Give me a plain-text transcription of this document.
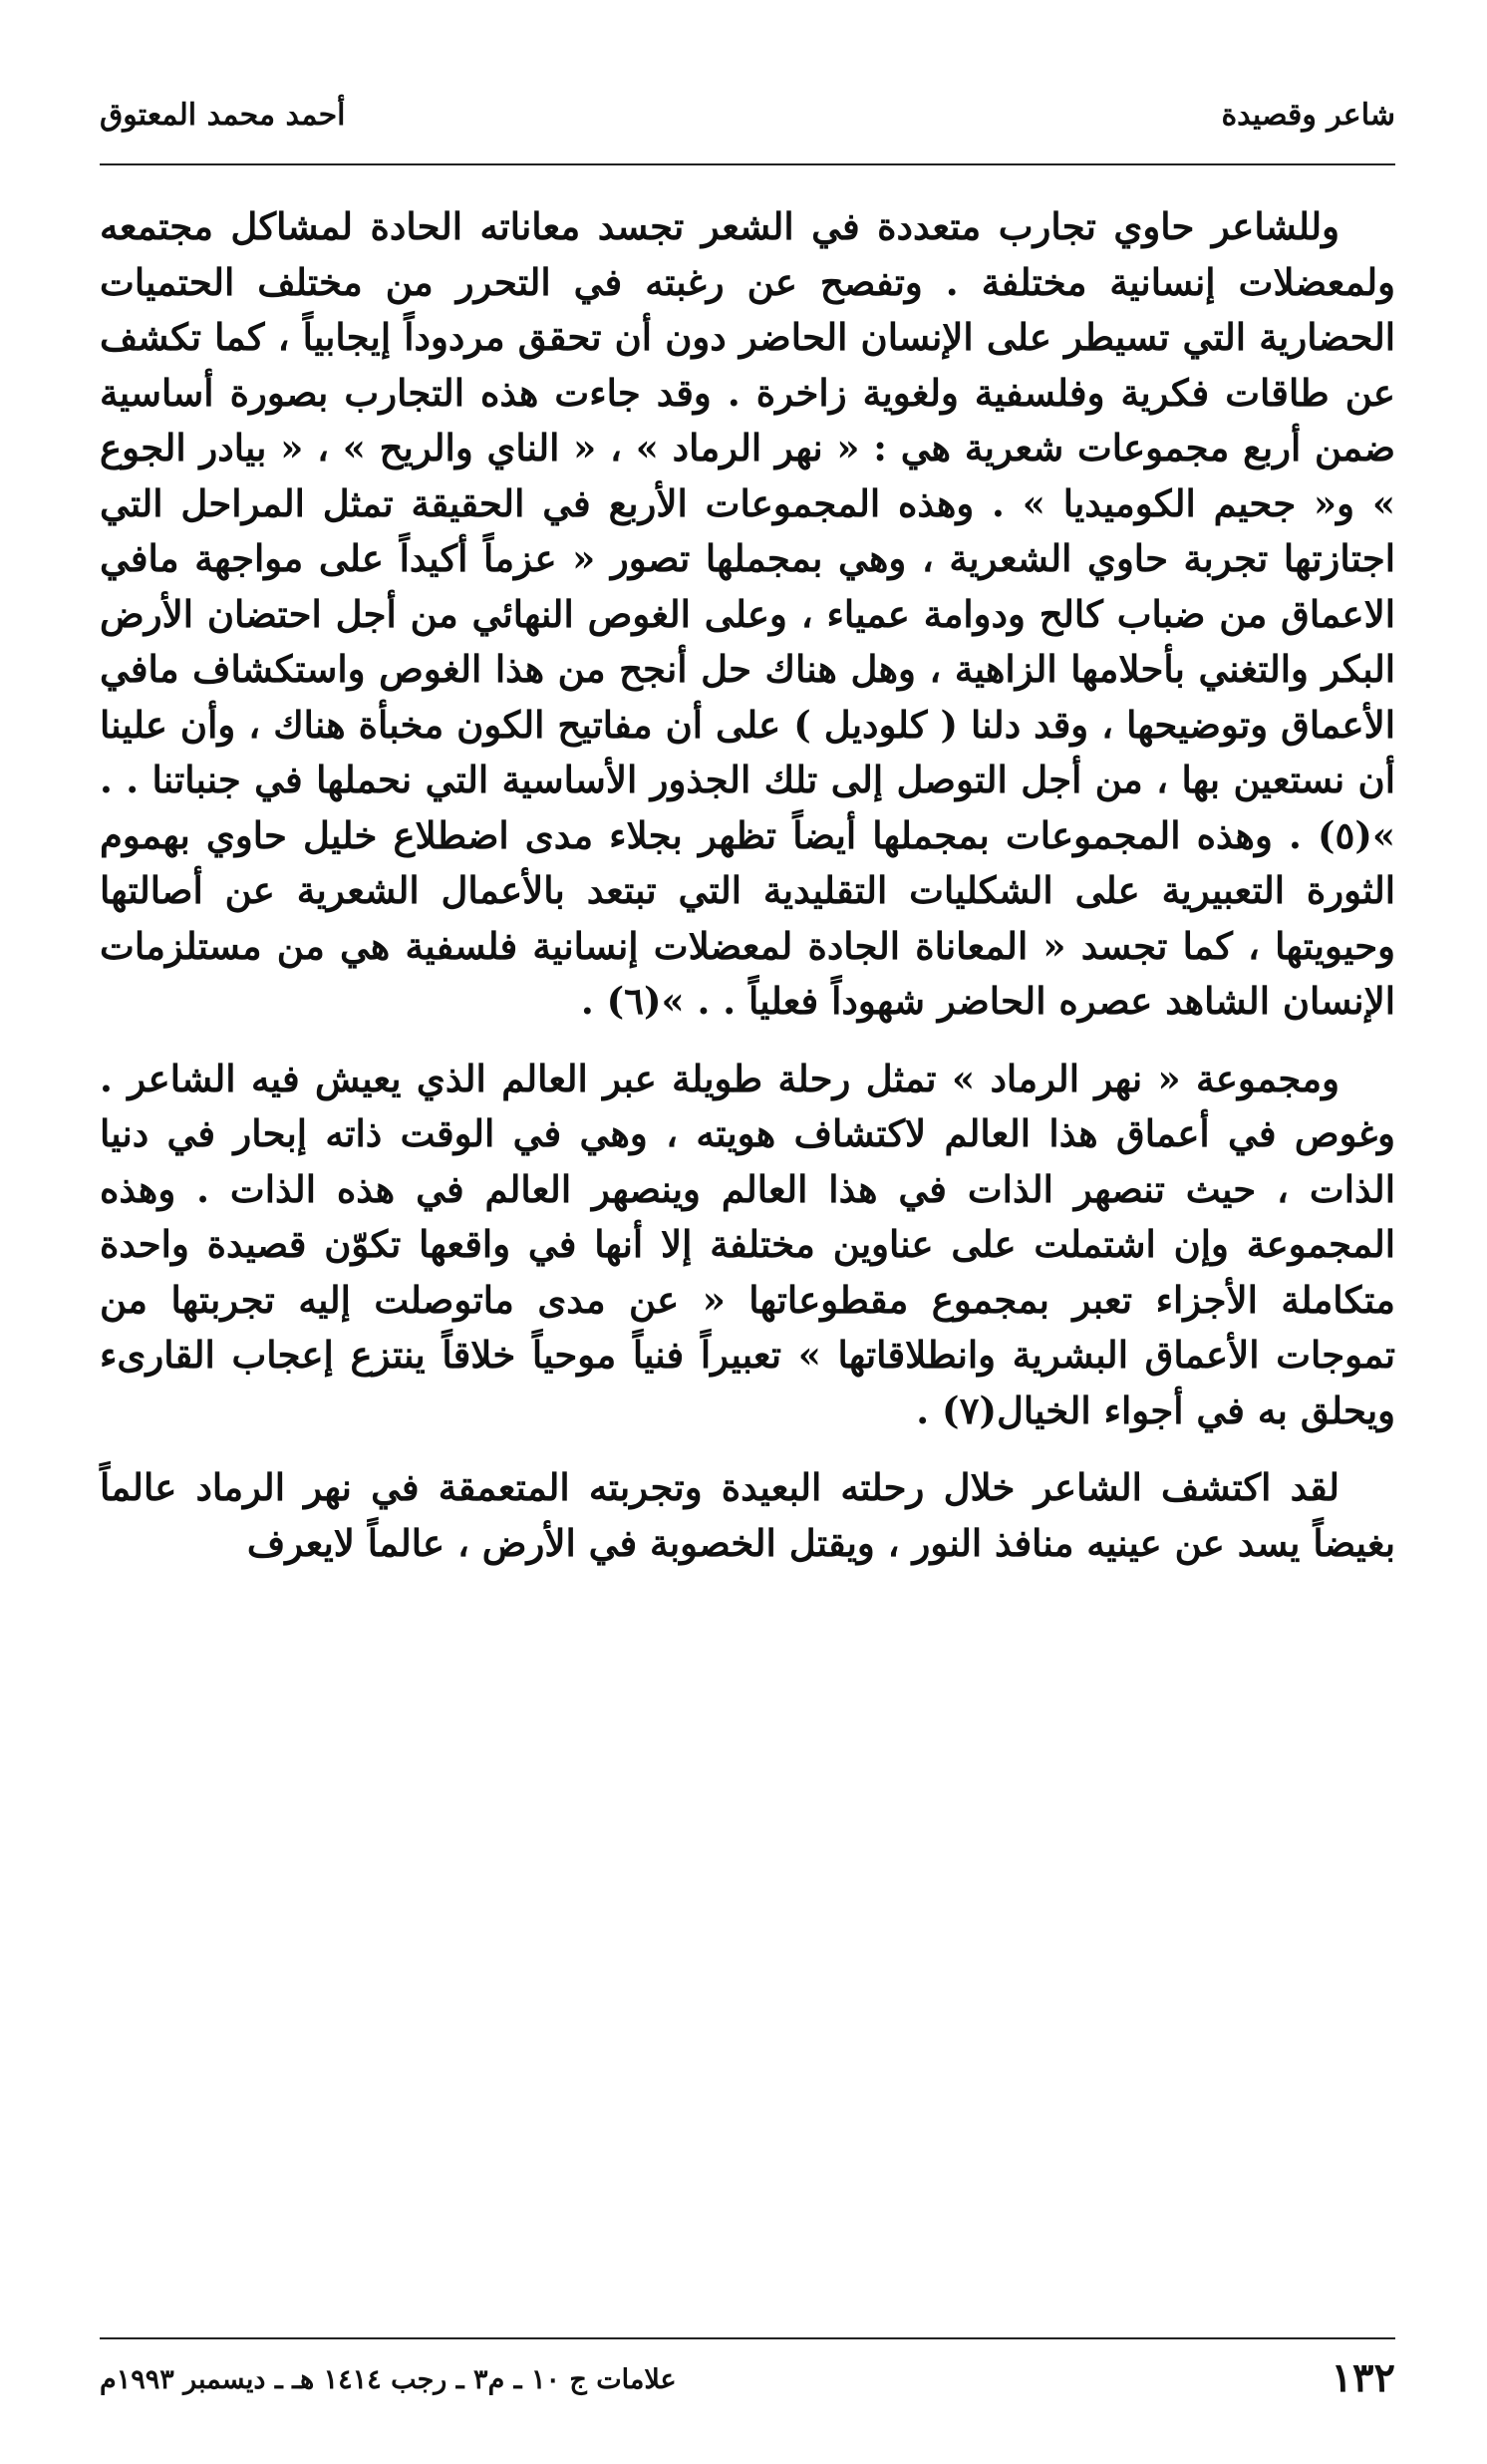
شاعر وقصيدة
أحمد محمد المعتوق

وللشاعر حاوي تجارب متعددة في الشعر تجسد معاناته الحادة لمشاكل مجتمعه ولمعضلات إنسانية مختلفة . وتفصح عن رغبته في التحرر من مختلف الحتميات الحضارية التي تسيطر على الإنسان الحاضر دون أن تحقق مردوداً إيجابياً ، كما تكشف عن طاقات فكرية وفلسفية ولغوية زاخرة . وقد جاءت هذه التجارب بصورة أساسية ضمن أربع مجموعات شعرية هي : « نهر الرماد » ، « الناي والريح » ، « بيادر الجوع » و« جحيم الكوميديا » . وهذه المجموعات الأربع في الحقيقة تمثل المراحل التي اجتازتها تجربة حاوي الشعرية ، وهي بمجملها تصور « عزماً أكيداً على مواجهة مافي الاعماق من ضباب كالح ودوامة عمياء ، وعلى الغوص النهائي من أجل احتضان الأرض البكر والتغني بأحلامها الزاهية ، وهل هناك حل أنجح من هذا الغوص واستكشاف مافي الأعماق وتوضيحها ، وقد دلنا ( كلوديل ) على أن مفاتيح الكون مخبأة هناك ، وأن علينا أن نستعين بها ، من أجل التوصل إلى تلك الجذور الأساسية التي نحملها في جنباتنا . . »(٥) . وهذه المجموعات بمجملها أيضاً تظهر بجلاء مدى اضطلاع خليل حاوي بهموم الثورة التعبيرية على الشكليات التقليدية التي تبتعد بالأعمال الشعرية عن أصالتها وحيويتها ، كما تجسد « المعاناة الجادة لمعضلات إنسانية فلسفية هي من مستلزمات الإنسان الشاهد عصره الحاضر شهوداً فعلياً . . »(٦) .

ومجموعة « نهر الرماد » تمثل رحلة طويلة عبر العالم الذي يعيش فيه الشاعر . وغوص في أعماق هذا العالم لاكتشاف هويته ، وهي في الوقت ذاته إبحار في دنيا الذات ، حيث تنصهر الذات في هذا العالم وينصهر العالم في هذه الذات . وهذه المجموعة وإن اشتملت على عناوين مختلفة إلا أنها في واقعها تكوّن قصيدة واحدة متكاملة الأجزاء تعبر بمجموع مقطوعاتها « عن مدى ماتوصلت إليه تجربتها من تموجات الأعماق البشرية وانطلاقاتها » تعبيراً فنياً موحياً خلاقاً ينتزع إعجاب القارىء ويحلق به في أجواء الخيال(٧) .

لقد اكتشف الشاعر خلال رحلته البعيدة وتجربته المتعمقة في نهر الرماد عالماً بغيضاً يسد عن عينيه منافذ النور ، ويقتل الخصوبة في الأرض ، عالماً لايعرف

١٣٢
علامات ج ١٠ ـ م٣ ـ رجب ١٤١٤ هـ ـ ديسمبر ١٩٩٣م
